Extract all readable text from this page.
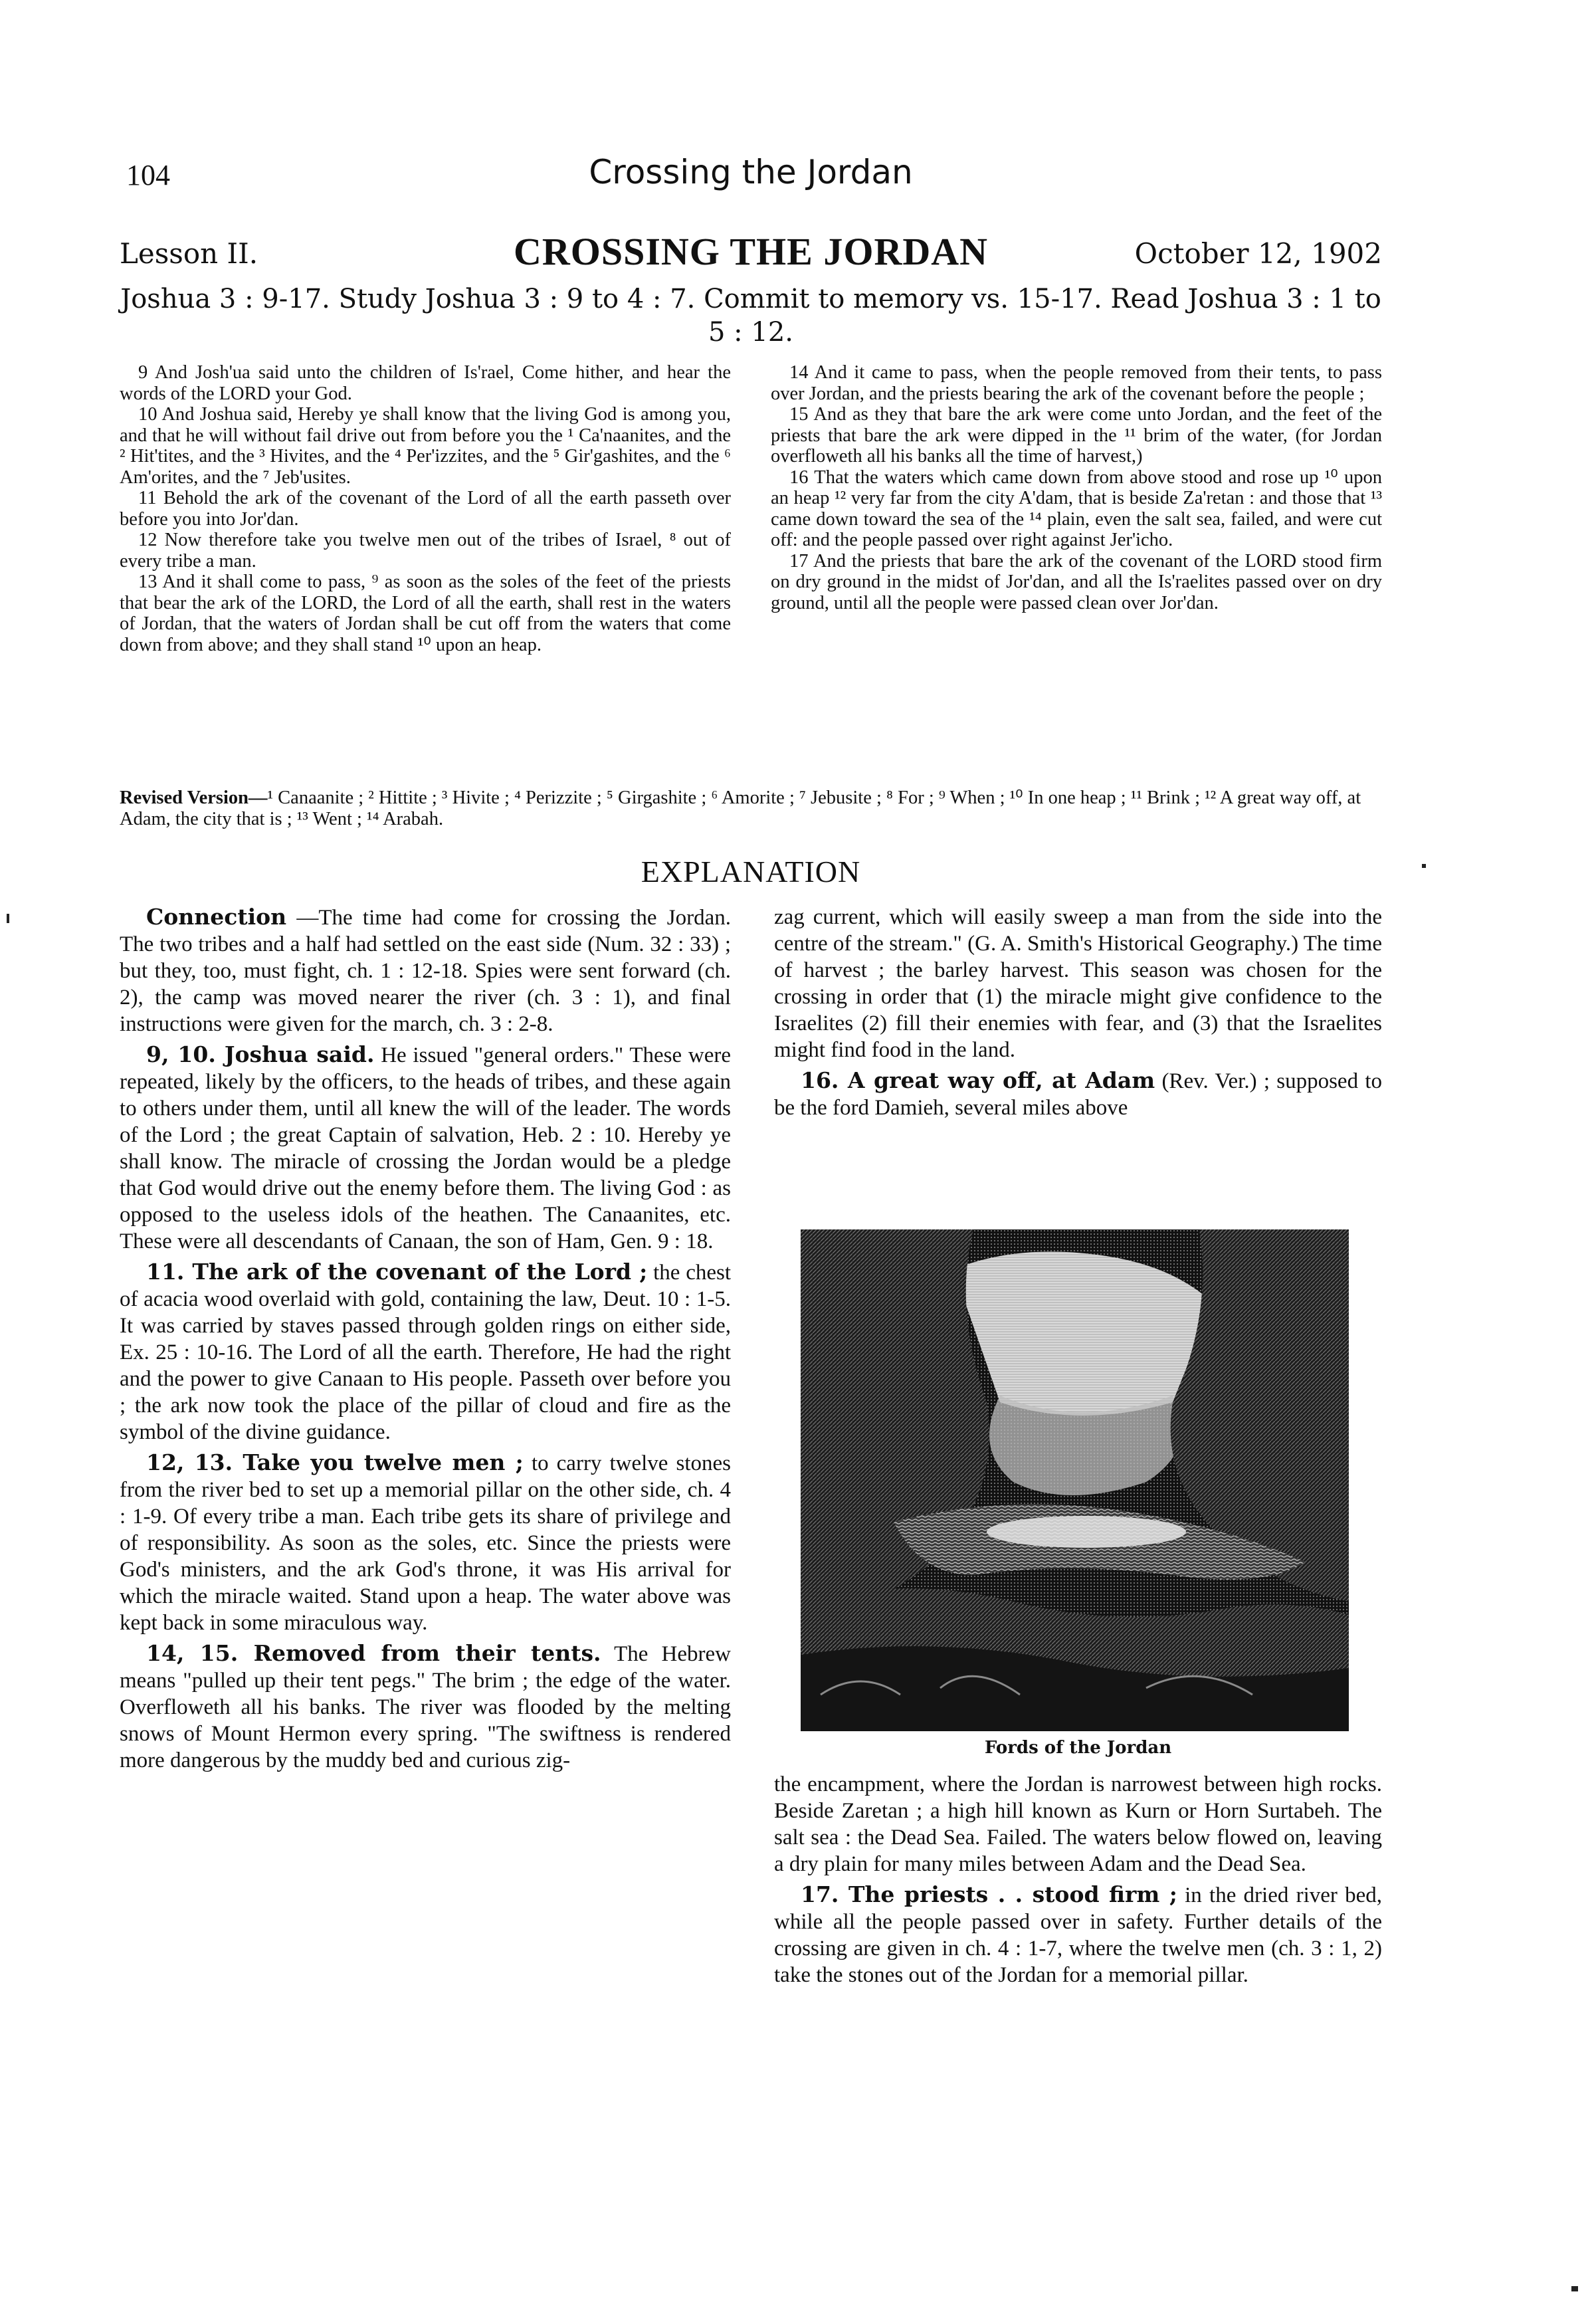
104	Crossing the Jordan
Lesson II.	CROSSING THE JORDAN	October 12, 1902
Joshua 3 : 9-17. Study Joshua 3 : 9 to 4 : 7. Commit to memory vs. 15-17. Read Joshua 3 : 1 to 5 : 12.

9 And Josh'ua said unto the children of Is'rael, Come hither, and hear the words of the LORD your God.

10 And Joshua said, Hereby ye shall know that the living God is among you, and that he will without fail drive out from before you the ¹ Ca'naanites, and the ² Hit'tites, and the ³ Hivites, and the ⁴ Per'izzites, and the ⁵ Gir'gashites, and the ⁶ Am'orites, and the ⁷ Jeb'usites.

11 Behold the ark of the covenant of the Lord of all the earth passeth over before you into Jor'dan.

12 Now therefore take you twelve men out of the tribes of Israel, ⁸ out of every tribe a man.

13 And it shall come to pass, ⁹ as soon as the soles of the feet of the priests that bear the ark of the LORD, the Lord of all the earth, shall rest in the waters of Jordan, that the waters of Jordan shall be cut off from the waters that come down from above; and they shall stand ¹⁰ upon an heap.

14 And it came to pass, when the people removed from their tents, to pass over Jordan, and the priests bearing the ark of the covenant before the people ;

15 And as they that bare the ark were come unto Jordan, and the feet of the priests that bare the ark were dipped in the ¹¹ brim of the water, (for Jordan overfloweth all his banks all the time of harvest,)

16 That the waters which came down from above stood and rose up ¹⁰ upon an heap ¹² very far from the city A'dam, that is beside Za'retan : and those that ¹³ came down toward the sea of the ¹⁴ plain, even the salt sea, failed, and were cut off: and the people passed over right against Jer'icho.

17 And the priests that bare the ark of the covenant of the LORD stood firm on dry ground in the midst of Jor'dan, and all the Is'raelites passed over on dry ground, until all the people were passed clean over Jor'dan.

Revised Version—¹ Canaanite ; ² Hittite ; ³ Hivite ; ⁴ Perizzite ; ⁵ Girgashite ; ⁶ Amorite ; ⁷ Jebusite ; ⁸ For ; ⁹ When ; ¹⁰ In one heap ; ¹¹ Brink ; ¹² A great way off, at Adam, the city that is ; ¹³ Went ; ¹⁴ Arabah.
EXPLANATION

Connection —The time had come for crossing the Jordan. The two tribes and a half had settled on the east side (Num. 32 : 33) ; but they, too, must fight, ch. 1 : 12-18. Spies were sent forward (ch. 2), the camp was moved nearer the river (ch. 3 : 1), and final instructions were given for the march, ch. 3 : 2-8.

9, 10. Joshua said. He issued "general orders." These were repeated, likely by the officers, to the heads of tribes, and these again to others under them, until all knew the will of the leader. The words of the Lord ; the great Captain of salvation, Heb. 2 : 10. Hereby ye shall know. The miracle of crossing the Jordan would be a pledge that God would drive out the enemy before them. The living God : as opposed to the useless idols of the heathen. The Canaanites, etc. These were all descendants of Canaan, the son of Ham, Gen. 9 : 18.

11. The ark of the covenant of the Lord ; the chest of acacia wood overlaid with gold, containing the law, Deut. 10 : 1-5. It was carried by staves passed through golden rings on either side, Ex. 25 : 10-16. The Lord of all the earth. Therefore, He had the right and the power to give Canaan to His people. Passeth over before you ; the ark now took the place of the pillar of cloud and fire as the symbol of the divine guidance.

12, 13. Take you twelve men ; to carry twelve stones from the river bed to set up a memorial pillar on the other side, ch. 4 : 1-9. Of every tribe a man. Each tribe gets its share of privilege and of responsibility. As soon as the soles, etc. Since the priests were God's ministers, and the ark God's throne, it was His arrival for which the miracle waited. Stand upon a heap. The water above was kept back in some miraculous way.

14, 15. Removed from their tents. The Hebrew means "pulled up their tent pegs." The brim ; the edge of the water. Overfloweth all his banks. The river was flooded by the melting snows of Mount Hermon every spring. "The swiftness is rendered more dangerous by the muddy bed and curious zig-

zag current, which will easily sweep a man from the side into the centre of the stream." (G. A. Smith's Historical Geography.) The time of harvest ; the barley harvest. This season was chosen for the crossing in order that (1) the miracle might give confidence to the Israelites (2) fill their enemies with fear, and (3) that the Israelites might find food in the land.

16. A great way off, at Adam (Rev. Ver.) ; supposed to be the ford Damieh, several miles above

Fords of the Jordan

the encampment, where the Jordan is narrowest between high rocks. Beside Zaretan ; a high hill known as Kurn or Horn Surtabeh. The salt sea : the Dead Sea. Failed. The waters below flowed on, leaving a dry plain for many miles between Adam and the Dead Sea.

17. The priests . . stood firm ; in the dried river bed, while all the people passed over in safety. Further details of the crossing are given in ch. 4 : 1-7, where the twelve men (ch. 3 : 1, 2) take the stones out of the Jordan for a memorial pillar.
